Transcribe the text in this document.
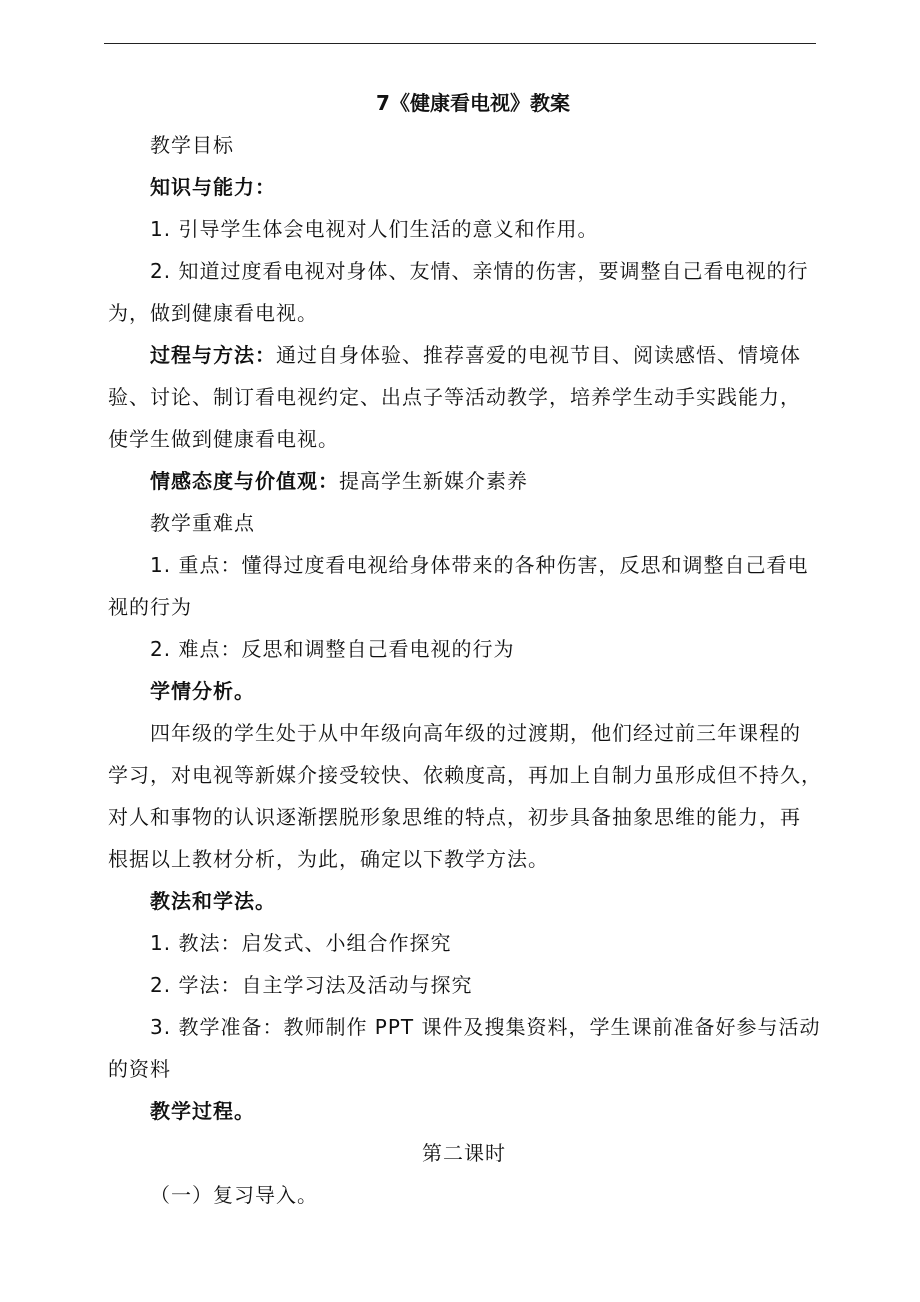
7《健康看电视》教案
教学目标
知识与能力：
1. 引导学生体会电视对人们生活的意义和作用。
2. 知道过度看电视对身体、友情、亲情的伤害，要调整自己看电视的行
为，做到健康看电视。
过程与方法：通过自身体验、推荐喜爱的电视节目、阅读感悟、情境体
验、讨论、制订看电视约定、出点子等活动教学，培养学生动手实践能力，
使学生做到健康看电视。
情感态度与价值观：提高学生新媒介素养
教学重难点
1. 重点：懂得过度看电视给身体带来的各种伤害，反思和调整自己看电
视的行为
2. 难点：反思和调整自己看电视的行为
学情分析。
四年级的学生处于从中年级向高年级的过渡期，他们经过前三年课程的
学习，对电视等新媒介接受较快、依赖度高，再加上自制力虽形成但不持久，
对人和事物的认识逐渐摆脱形象思维的特点，初步具备抽象思维的能力，再
根据以上教材分析，为此，确定以下教学方法。
教法和学法。
1. 教法：启发式、小组合作探究
2. 学法：自主学习法及活动与探究
3. 教学准备：教师制作 PPT 课件及搜集资料，学生课前准备好参与活动
的资料
教学过程。
第二课时
（一）复习导入。
